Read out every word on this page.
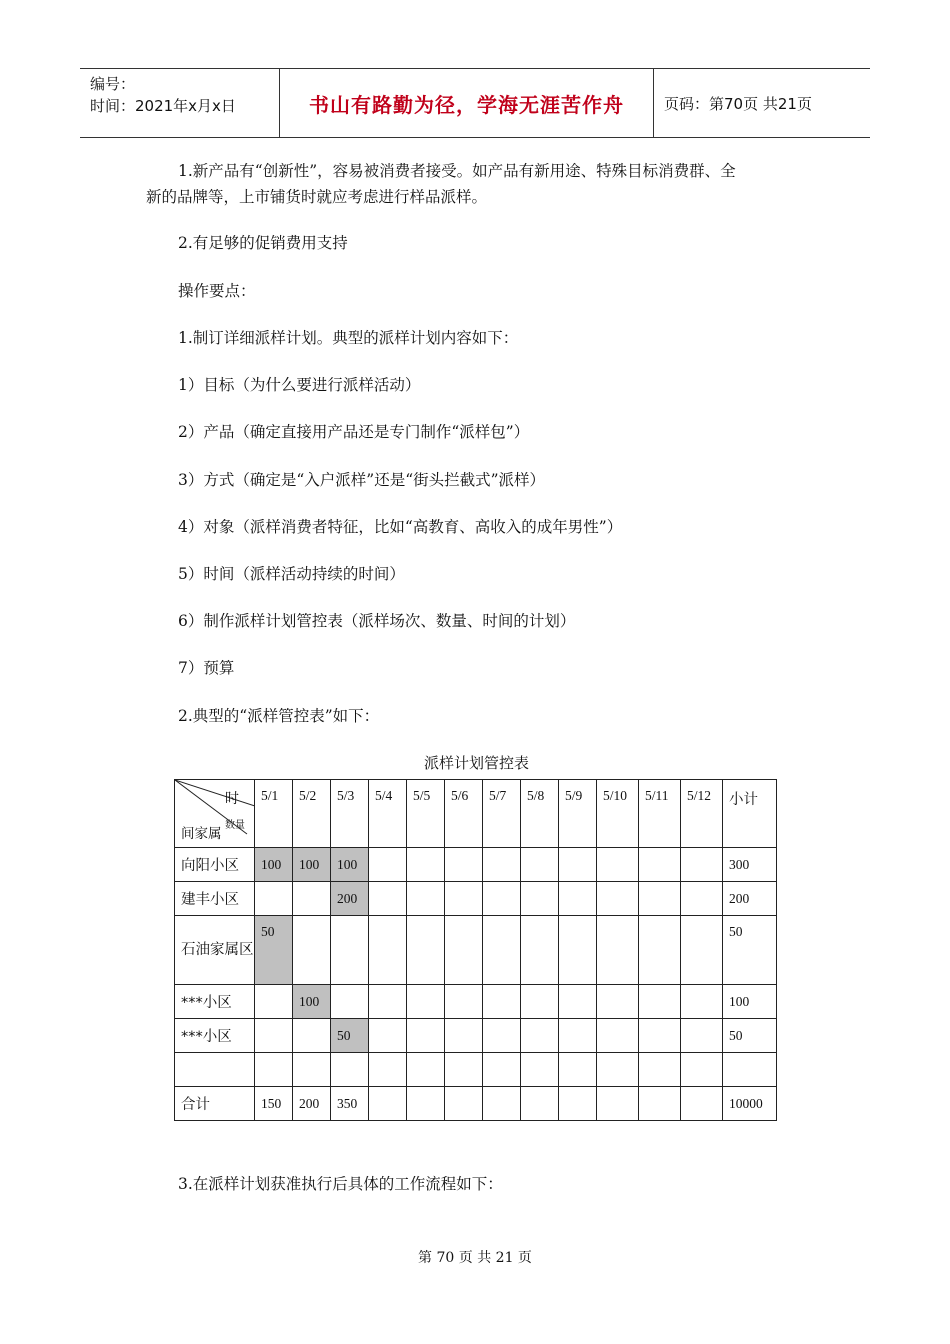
编号：
时间：2021年x月x日	书山有路勤为径，学海无涯苦作舟	页码：第70页 共21页
1.新产品有“创新性”，容易被消费者接受。如产品有新用途、特殊目标消费群、全
新的品牌等，上市铺货时就应考虑进行样品派样。
2.有足够的促销费用支持
操作要点：
1.制订详细派样计划。典型的派样计划内容如下：
1）目标（为什么要进行派样活动）
2）产品（确定直接用产品还是专门制作“派样包”）
3）方式（确定是“入户派样”还是“街头拦截式”派样）
4）对象（派样消费者特征，比如“高教育、高收入的成年男性”）
5）时间（派样活动持续的时间）
6）制作派样计划管控表（派样场次、数量、时间的计划）
7）预算
2.典型的“派样管控表”如下：
派样计划管控表
时
数量
间家属	5/1	5/2	5/3	5/4	5/5	5/6	5/7	5/8	5/9	5/10	5/11	5/12	小计
向阳小区	100	100	100										300
建丰小区			200										200
石油家属区	50												50
***小区		100											100
***小区			50										50

合计	150	200	350										10000
3.在派样计划获准执行后具体的工作流程如下：
第 70 页 共 21 页
